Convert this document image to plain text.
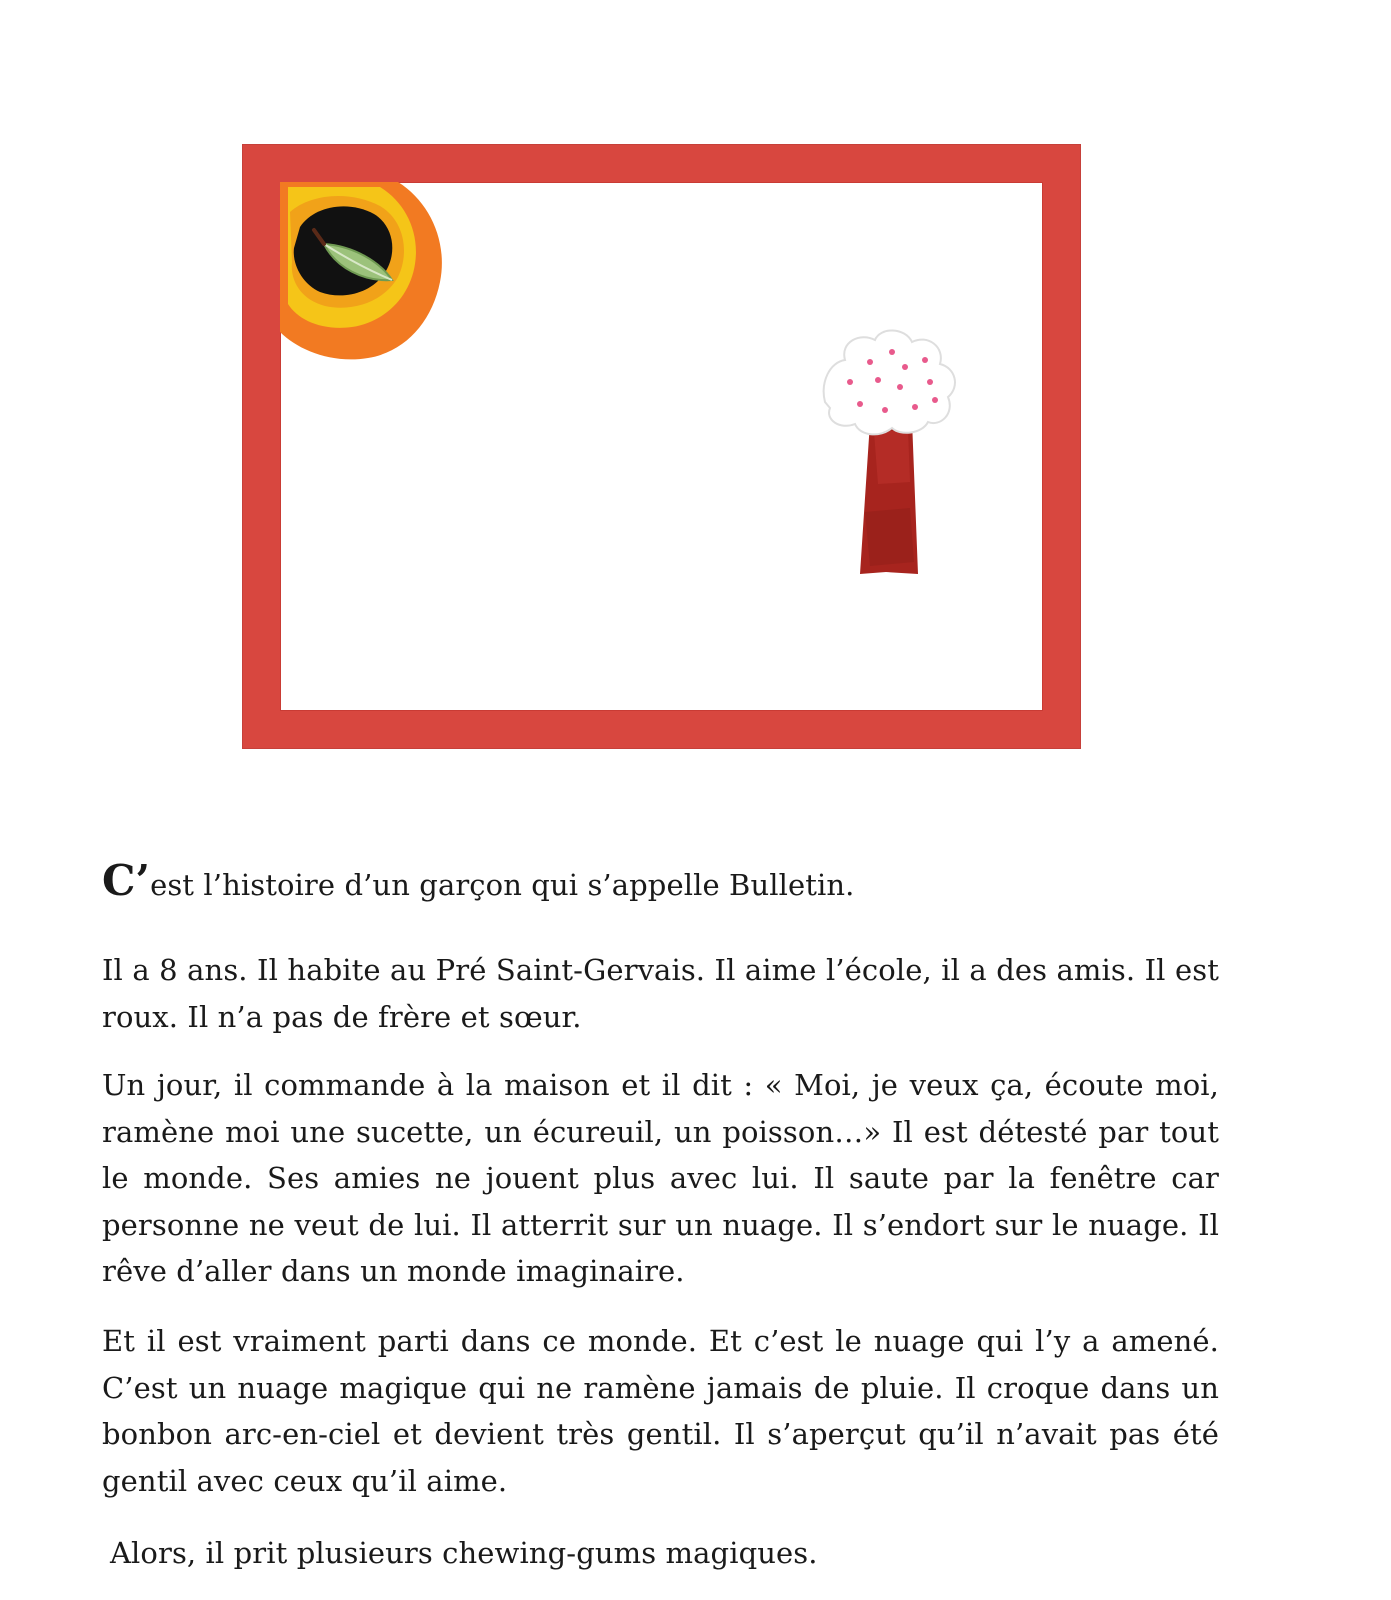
C’est l’histoire d’un garçon qui s’appelle Bulletin.

Il a 8 ans. Il habite au Pré Saint-Gervais. Il aime l’école, il a des amis. Il est roux. Il n’a pas de frère et sœur.

Un jour, il commande à la maison et il dit : « Moi, je veux ça, écoute moi, ramène moi une sucette, un écureuil, un poisson…» Il est détesté par tout le monde. Ses amies ne jouent plus avec lui. Il saute par la fenêtre car personne ne veut de lui. Il atterrit sur un nuage. Il s’endort sur le nuage. Il rêve d’aller dans un monde imaginaire.

Et il est vraiment parti dans ce monde. Et c’est le nuage qui l’y a amené. C’est un nuage magique qui ne ramène jamais de pluie. Il croque dans un bonbon arc-en-ciel et devient très gentil. Il s’aperçut qu’il n’avait pas été gentil avec ceux qu’il aime.

Alors, il prit plusieurs chewing-gums magiques.
